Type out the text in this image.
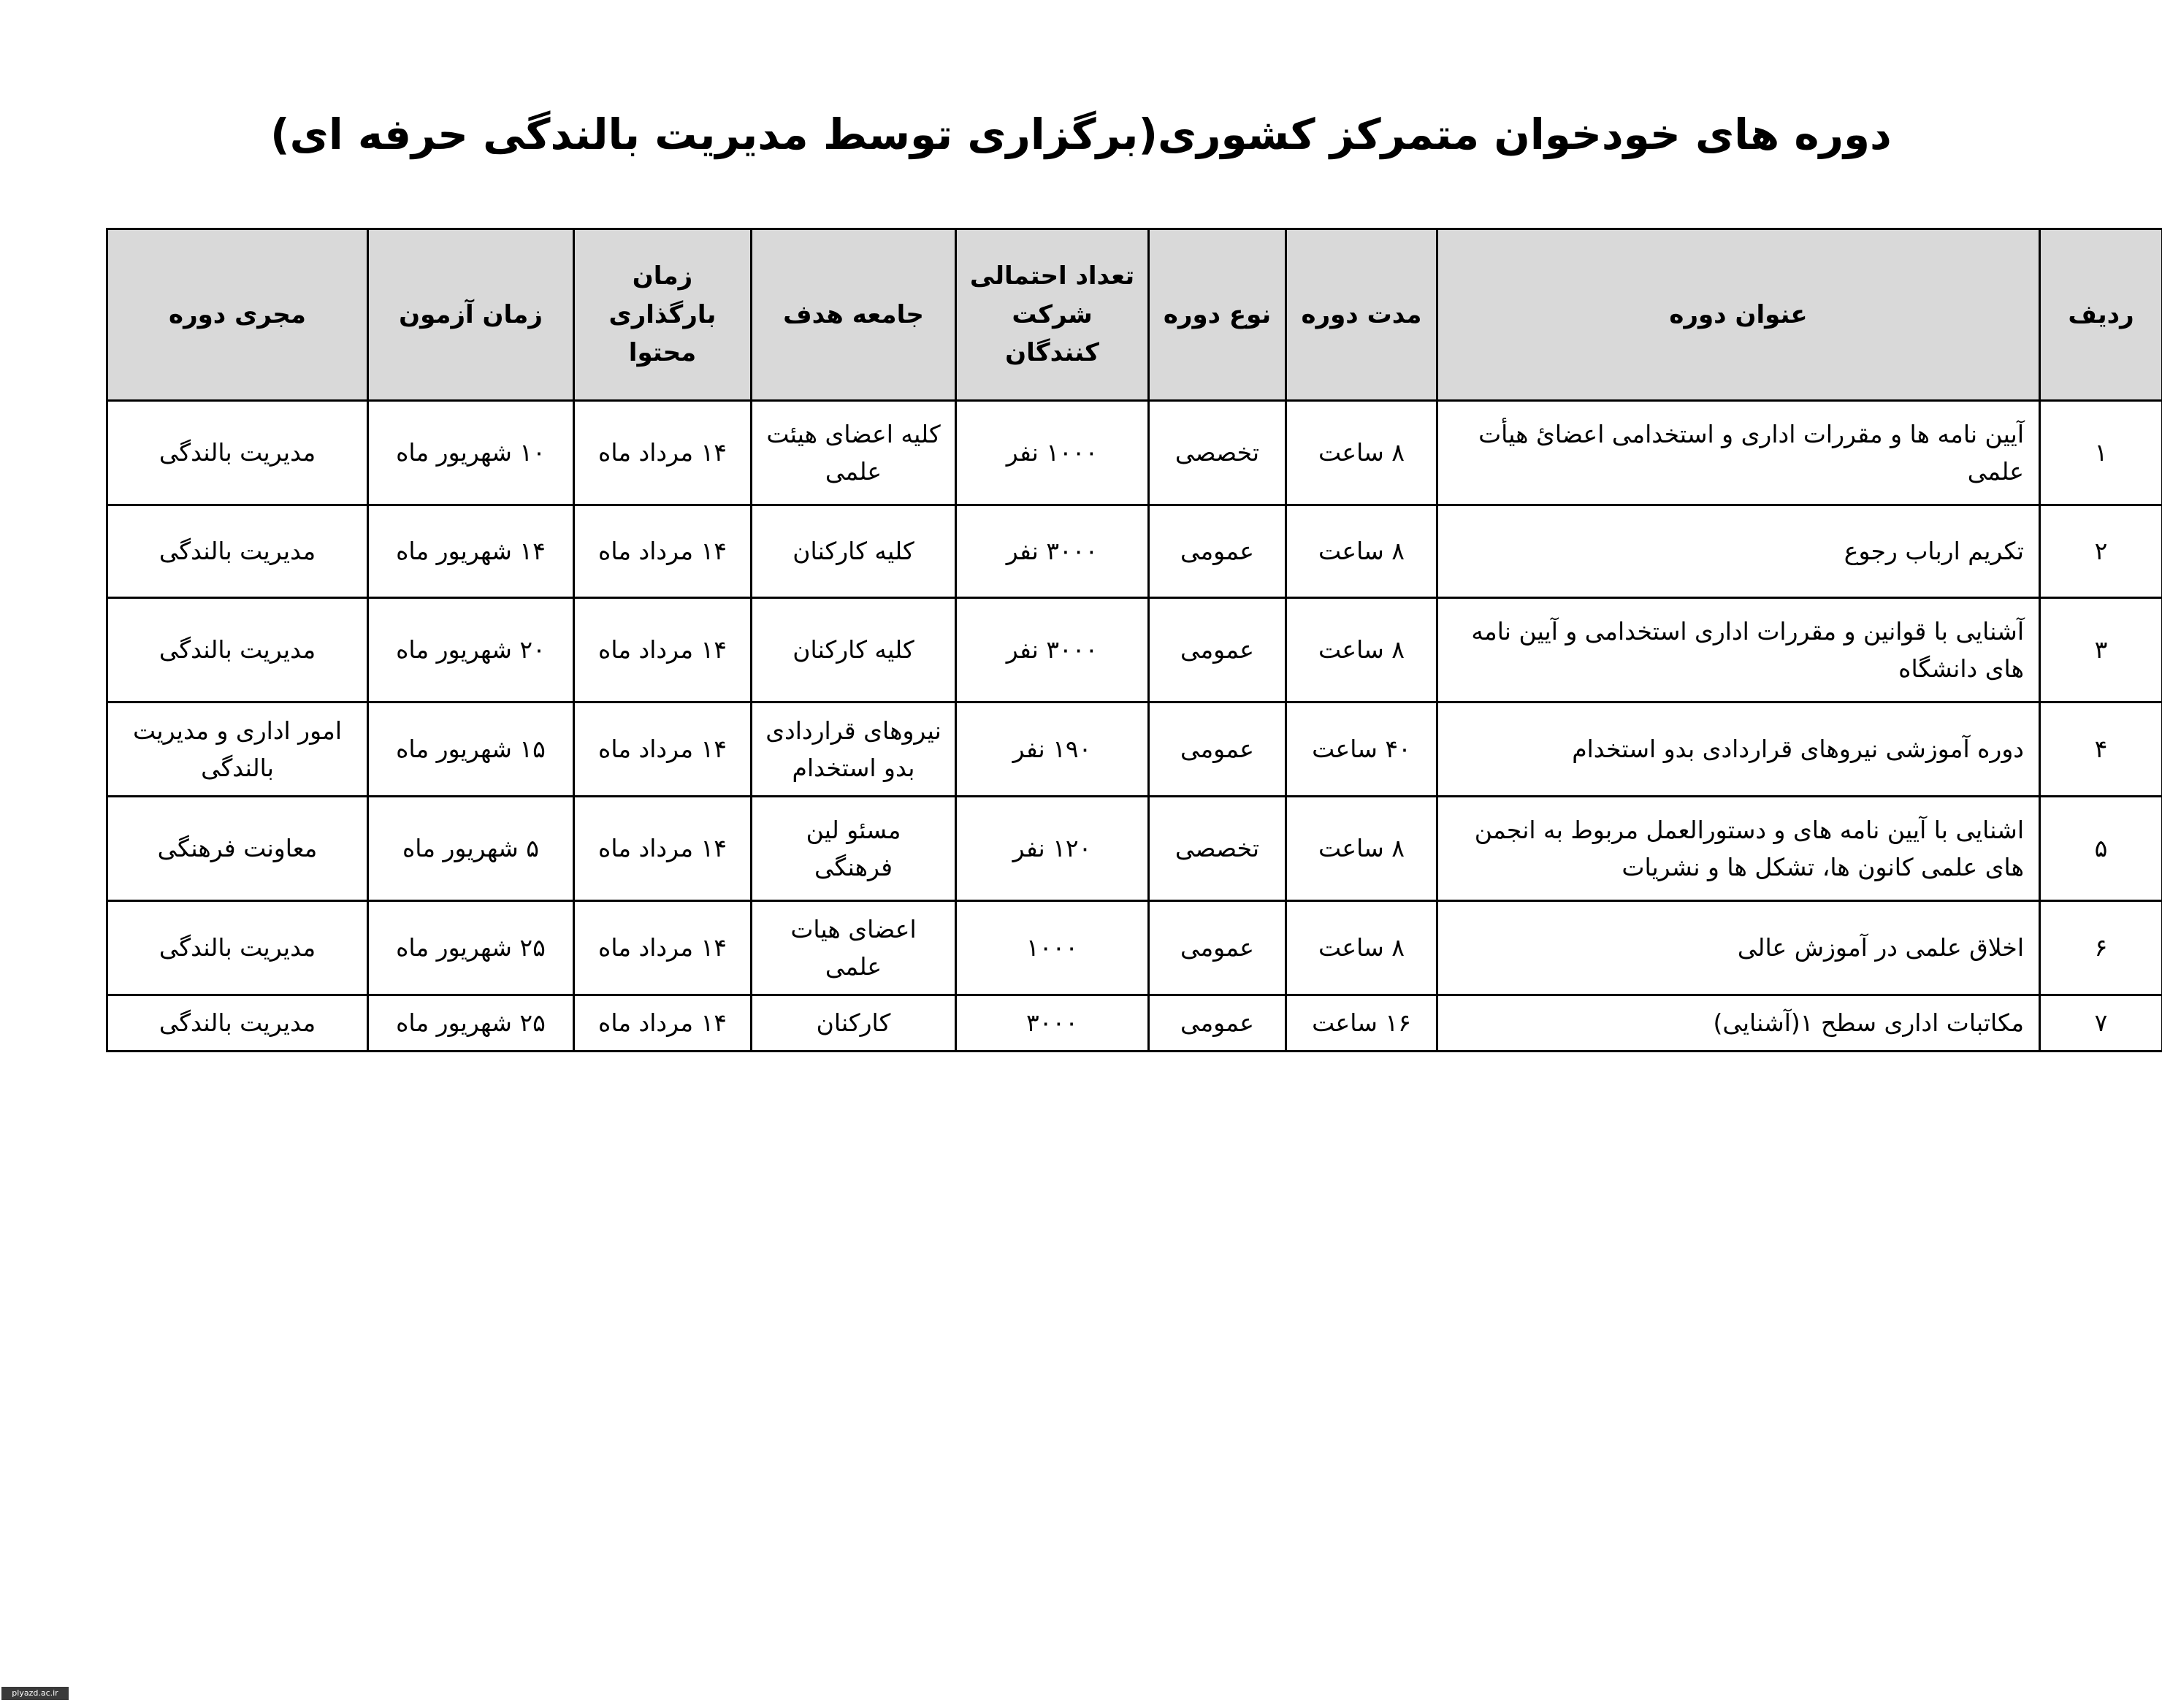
دوره های خودخوان متمرکز کشوری(برگزاری توسط مدیریت بالندگی حرفه ای)
ردیف	عنوان دوره	مدت دوره	نوع دوره	تعداد احتمالی شرکت کنندگان	جامعه هدف	زمان بارگذاری محتوا	زمان آزمون	مجری دوره
۱	آیین نامه ها و مقررات اداری و استخدامی اعضائ هیأت علمی	۸ ساعت	تخصصی	۱۰۰۰ نفر	کلیه اعضای هیئت علمی	۱۴ مرداد ماه	۱۰ شهریور ماه	مدیریت بالندگی
۲	تکریم ارباب رجوع	۸ ساعت	عمومی	۳۰۰۰ نفر	کلیه کارکنان	۱۴ مرداد ماه	۱۴ شهریور ماه	مدیریت بالندگی
۳	آشنایی با قوانین و مقررات اداری استخدامی و آیین نامه های دانشگاه	۸ ساعت	عمومی	۳۰۰۰ نفر	کلیه کارکنان	۱۴ مرداد ماه	۲۰ شهریور ماه	مدیریت بالندگی
۴	دوره آموزشی نیروهای قراردادی بدو استخدام	۴۰ ساعت	عمومی	۱۹۰ نفر	نیروهای قراردادی بدو استخدام	۱۴ مرداد ماه	۱۵ شهریور ماه	امور اداری و مدیریت بالندگی
۵	اشنایی با آیین نامه های و دستورالعمل مربوط به انجمن های علمی کانون ها، تشکل ها و نشریات	۸ ساعت	تخصصی	۱۲۰ نفر	مسئو لین فرهنگی	۱۴ مرداد ماه	۵ شهریور ماه	معاونت فرهنگی
۶	اخلاق علمی در آموزش عالی	۸ ساعت	عمومی	۱۰۰۰	اعضای هیات علمی	۱۴ مرداد ماه	۲۵ شهریور ماه	مدیریت بالندگی
۷	مکاتبات اداری سطح ۱(آشنایی)	۱۶ ساعت	عمومی	۳۰۰۰	کارکنان	۱۴ مرداد ماه	۲۵ شهریور ماه	مدیریت بالندگی
plyazd.ac.ir
